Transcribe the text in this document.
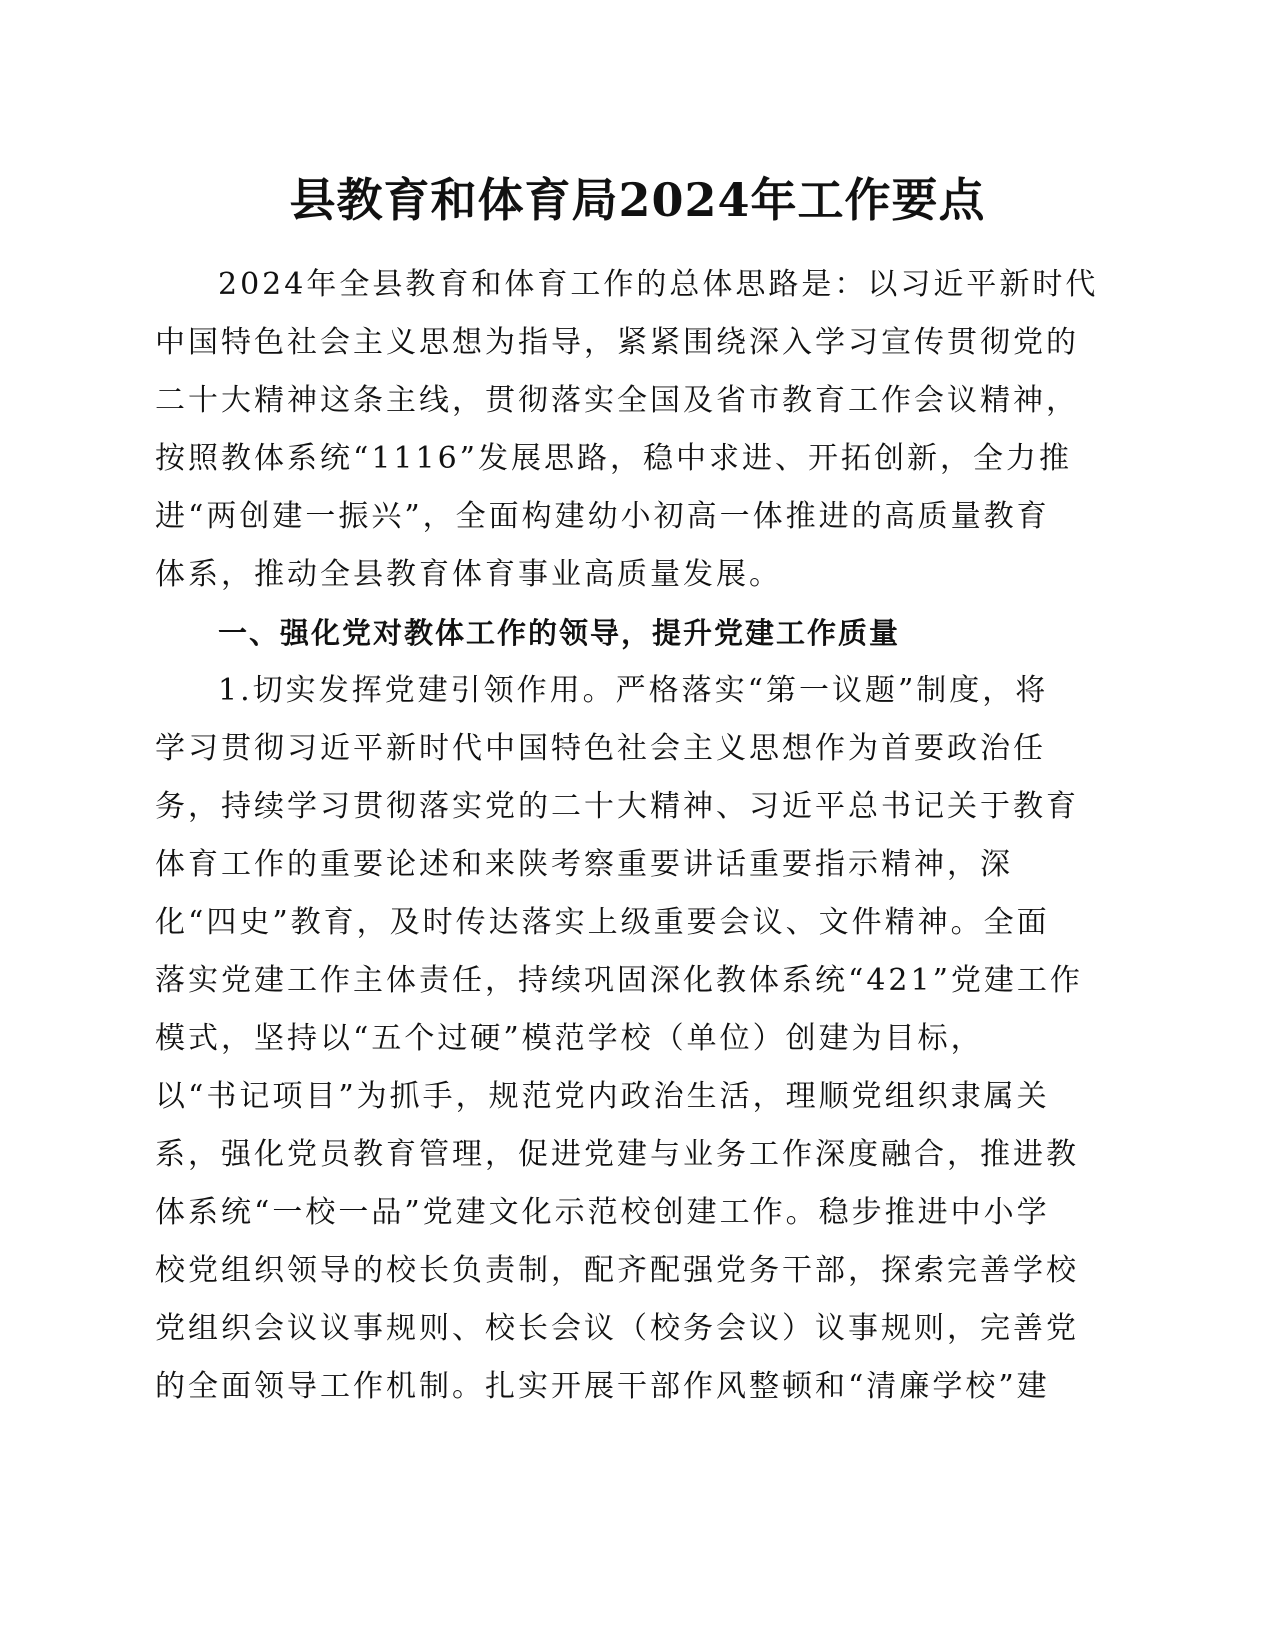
县教育和体育局2024年工作要点

2024年全县教育和体育工作的总体思路是：以习近平新时代

中国特色社会主义思想为指导，紧紧围绕深入学习宣传贯彻党的

二十大精神这条主线，贯彻落实全国及省市教育工作会议精神，

按照教体系统“1116”发展思路，稳中求进、开拓创新，全力推

进“两创建一振兴”，全面构建幼小初高一体推进的高质量教育

体系，推动全县教育体育事业高质量发展。

一、强化党对教体工作的领导，提升党建工作质量

1.切实发挥党建引领作用。严格落实“第一议题”制度，将

学习贯彻习近平新时代中国特色社会主义思想作为首要政治任

务，持续学习贯彻落实党的二十大精神、习近平总书记关于教育

体育工作的重要论述和来陕考察重要讲话重要指示精神，深

化“四史”教育，及时传达落实上级重要会议、文件精神。全面

落实党建工作主体责任，持续巩固深化教体系统“421”党建工作

模式，坚持以“五个过硬”模范学校（单位）创建为目标，

以“书记项目”为抓手，规范党内政治生活，理顺党组织隶属关

系，强化党员教育管理，促进党建与业务工作深度融合，推进教

体系统“一校一品”党建文化示范校创建工作。稳步推进中小学

校党组织领导的校长负责制，配齐配强党务干部，探索完善学校

党组织会议议事规则、校长会议（校务会议）议事规则，完善党

的全面领导工作机制。扎实开展干部作风整顿和“清廉学校”建
